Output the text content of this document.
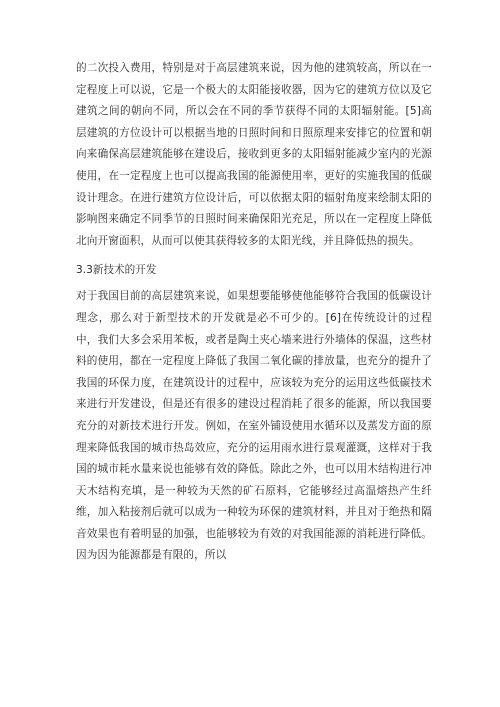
的二次投入费用，特别是对于高层建筑来说，因为他的建筑较高，所以在一定程度上可以说，它是一个极大的太阳能接收器，因为它的建筑方位以及它建筑之间的朝向不同，所以会在不同的季节获得不同的太阳辐射能。[5]高层建筑的方位设计可以根据当地的日照时间和日照原理来安排它的位置和朝向来确保高层建筑能够在建设后，接收到更多的太阳辐射能减少室内的光源使用，在一定程度上也可以提高我国的能源使用率，更好的实施我国的低碳设计理念。在进行建筑方位设计后，可以依据太阳的辐射角度来绘制太阳的影响图来确定不同季节的日照时间来确保阳光充足，所以在一定程度上降低北向开窗面积，从而可以使其获得较多的太阳光线，并且降低热的损失。

3.3新技术的开发

对于我国目前的高层建筑来说，如果想要能够使他能够符合我国的低碳设计理念，那么对于新型技术的开发就是必不可少的。[6]在传统设计的过程中，我们大多会采用苯板，或者是陶土夹心墙来进行外墙体的保温，这些材料的使用，都在一定程度上降低了我国二氧化碳的排放量，也充分的提升了我国的环保力度，在建筑设计的过程中，应该较为充分的运用这些低碳技术来进行开发建设，但是还有很多的建设过程消耗了很多的能源，所以我国要充分的对新技术进行开发。例如，在室外铺设使用水循环以及蒸发方面的原理来降低我国的城市热岛效应，充分的运用雨水进行景观灌溉，这样对于我国的城市耗水量来说也能够有效的降低。除此之外，也可以用木结构进行冲天木结构充填，是一种较为天然的矿石原料，它能够经过高温熔热产生纤维，加入粘接剂后就可以成为一种较为环保的建筑材料，并且对于绝热和隔音效果也有着明显的加强，也能够较为有效的对我国能源的消耗进行降低。因为因为能源都是有限的，所以
